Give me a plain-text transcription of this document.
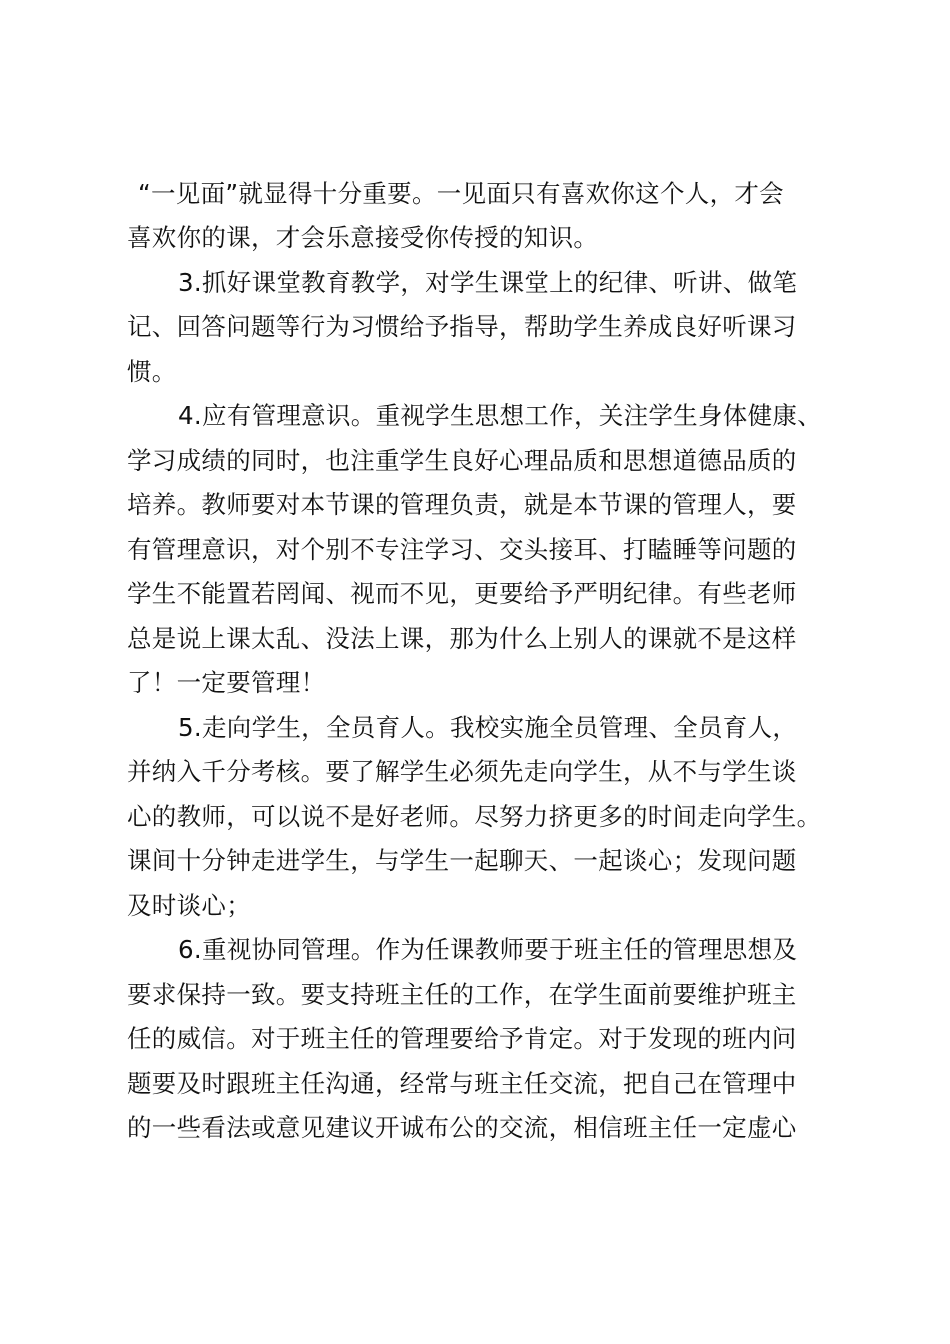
“一见面”就显得十分重要。一见面只有喜欢你这个人，才会
喜欢你的课，才会乐意接受你传授的知识。
3.抓好课堂教育教学，对学生课堂上的纪律、听讲、做笔
记、回答问题等行为习惯给予指导，帮助学生养成良好听课习
惯。
4.应有管理意识。重视学生思想工作，关注学生身体健康、
学习成绩的同时，也注重学生良好心理品质和思想道德品质的
培养。教师要对本节课的管理负责，就是本节课的管理人，要
有管理意识，对个别不专注学习、交头接耳、打瞌睡等问题的
学生不能置若罔闻、视而不见，更要给予严明纪律。有些老师
总是说上课太乱、没法上课，那为什么上别人的课就不是这样
了！一定要管理！
5.走向学生，全员育人。我校实施全员管理、全员育人，
并纳入千分考核。要了解学生必须先走向学生，从不与学生谈
心的教师，可以说不是好老师。尽努力挤更多的时间走向学生。
课间十分钟走进学生，与学生一起聊天、一起谈心；发现问题
及时谈心；
6.重视协同管理。作为任课教师要于班主任的管理思想及
要求保持一致。要支持班主任的工作，在学生面前要维护班主
任的威信。对于班主任的管理要给予肯定。对于发现的班内问
题要及时跟班主任沟通，经常与班主任交流，把自己在管理中
的一些看法或意见建议开诚布公的交流，相信班主任一定虚心
